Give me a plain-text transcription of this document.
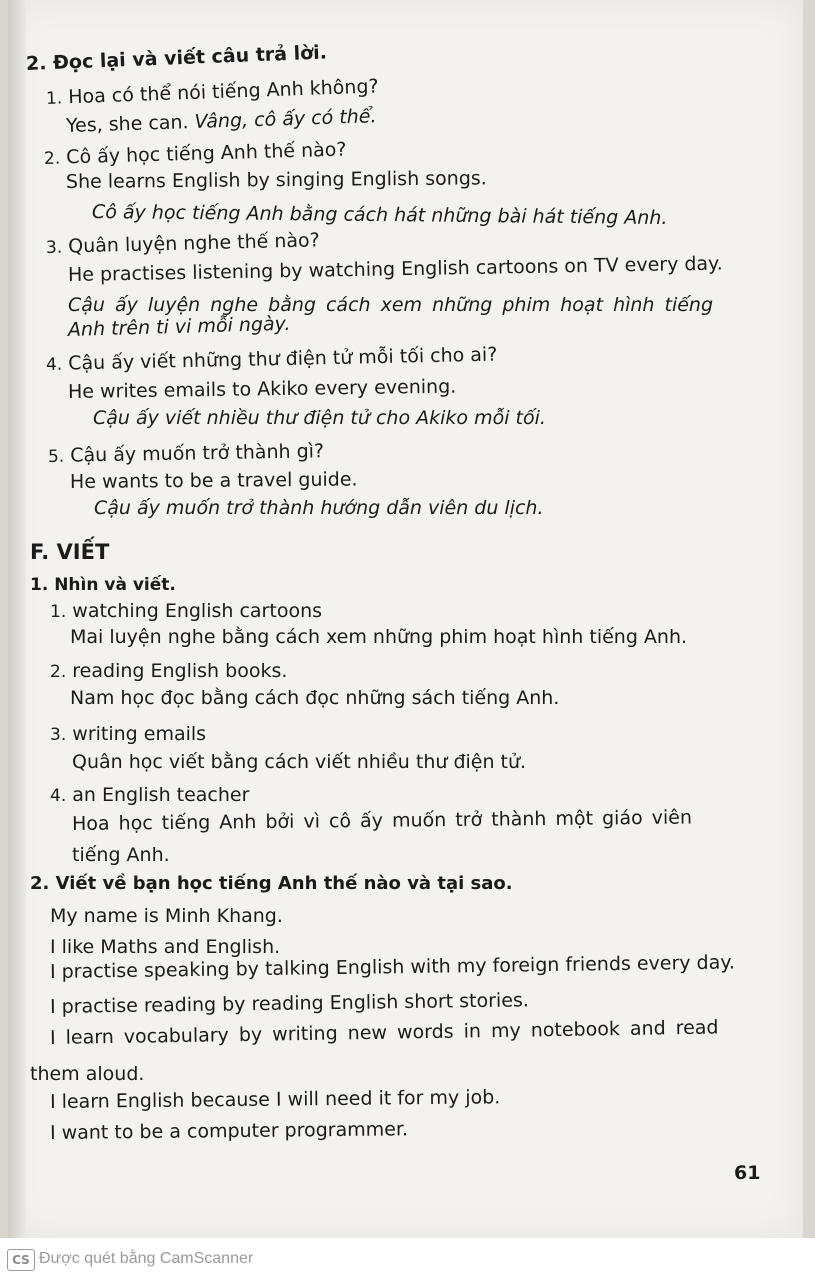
2. Đọc lại và viết câu trả lời.
1. Hoa có thể nói tiếng Anh không?
Yes, she can. Vâng, cô ấy có thể.
2. Cô ấy học tiếng Anh thế nào?
She learns English by singing English songs.
Cô ấy học tiếng Anh bằng cách hát những bài hát tiếng Anh.
3. Quân luyện nghe thế nào?
He practises listening by watching English cartoons on TV every day.
Cậu ấy luyện nghe bằng cách xem những phim hoạt hình tiếng
Anh trên ti vi mỗi ngày.
4. Cậu ấy viết những thư điện tử mỗi tối cho ai?
He writes emails to Akiko every evening.
Cậu ấy viết nhiều thư điện tử cho Akiko mỗi tối.
5. Cậu ấy muốn trở thành gì?
He wants to be a travel guide.
Cậu ấy muốn trở thành hướng dẫn viên du lịch.
F. VIẾT
1. Nhìn và viết.
1. watching English cartoons
Mai luyện nghe bằng cách xem những phim hoạt hình tiếng Anh.
2. reading English books.
Nam học đọc bằng cách đọc những sách tiếng Anh.
3. writing emails
Quân học viết bằng cách viết nhiều thư điện tử.
4. an English teacher
Hoa học tiếng Anh bởi vì cô ấy muốn trở thành một giáo viên
tiếng Anh.
2. Viết về bạn học tiếng Anh thế nào và tại sao.
My name is Minh Khang.
I like Maths and English.
I practise speaking by talking English with my foreign friends every day.
I practise reading by reading English short stories.
I learn vocabulary by writing new words in my notebook and read
them aloud.
I learn English because I will need it for my job.
I want to be a computer programmer.
61
CS Được quét bằng CamScanner
